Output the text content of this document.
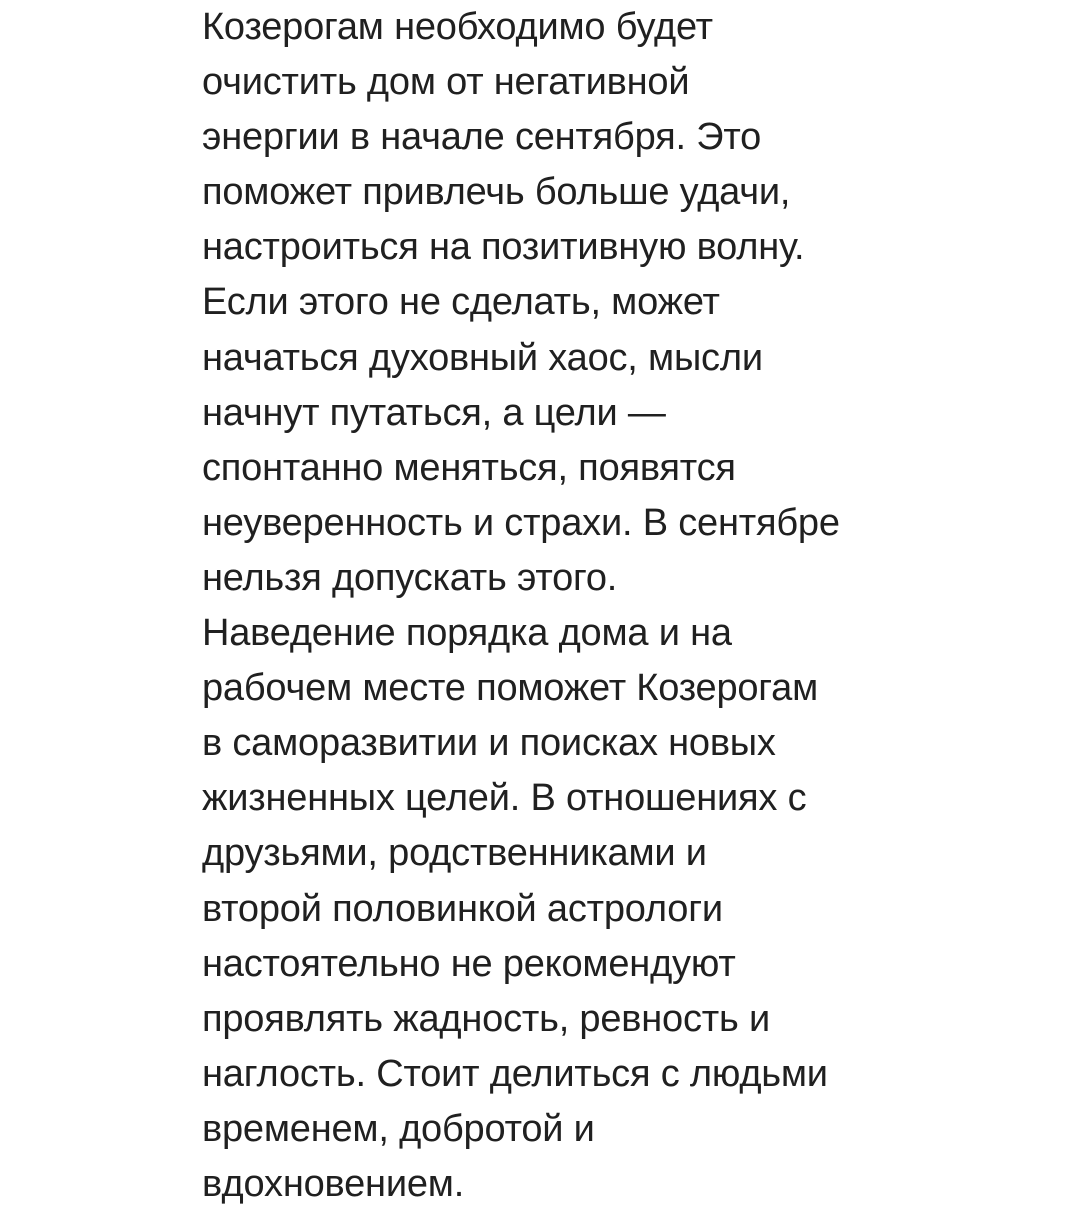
Козерогам необходимо будет
очистить дом от негативной
энергии в начале сентября. Это
поможет привлечь больше удачи,
настроиться на позитивную волну.
Если этого не сделать, может
начаться духовный хаос, мысли
начнут путаться, а цели —
спонтанно меняться, появятся
неуверенность и страхи. В сентябре
нельзя допускать этого.
Наведение порядка дома и на
рабочем месте поможет Козерогам
в саморазвитии и поисках новых
жизненных целей. В отношениях с
друзьями, родственниками и
второй половинкой астрологи
настоятельно не рекомендуют
проявлять жадность, ревность и
наглость. Стоит делиться с людьми
временем, добротой и
вдохновением.
